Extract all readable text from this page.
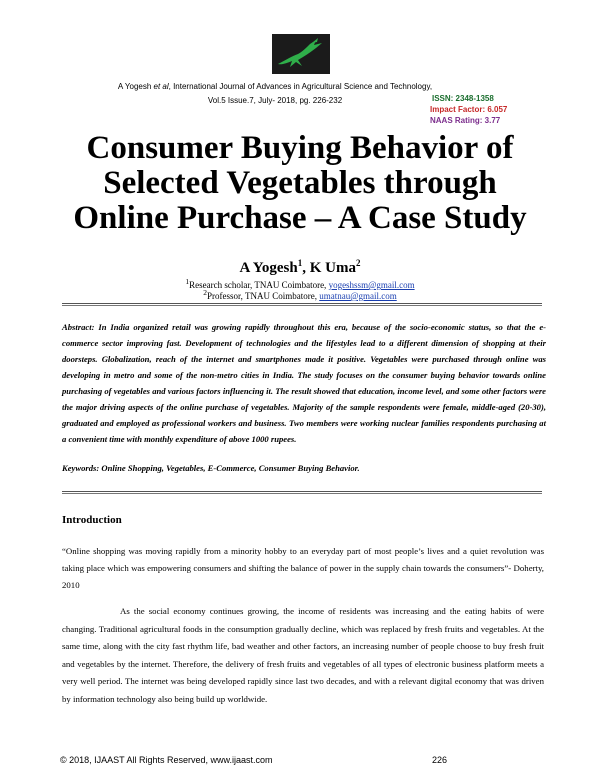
A Yogesh et al, International Journal of Advances in Agricultural Science and Technology,
Vol.5 Issue.7, July- 2018, pg. 226-232	ISSN: 2348-1358
Impact Factor: 6.057
NAAS Rating: 3.77
Consumer Buying Behavior of
Selected Vegetables through
Online Purchase – A Case Study
A Yogesh$^1$, K Uma$^2$
$^1$Research scholar, TNAU Coimbatore, yogeshssm@gmail.com
$^2$Professor, TNAU Coimbatore, umatnau@gmail.com
Abstract: In India organized retail was growing rapidly throughout this era, because of the socio-economic status, so that the e-commerce sector improving fast. Development of technologies and the lifestyles lead to a different dimension of shopping at their doorsteps. Globalization, reach of the internet and smartphones made it positive. Vegetables were purchased through online was developing in metro and some of the non-metro cities in India. The study focuses on the consumer buying behavior towards online purchasing of vegetables and various factors influencing it. The result showed that education, income level, and some other factors were the major driving aspects of the online purchase of vegetables. Majority of the sample respondents were female, middle-aged (20-30), graduated and employed as professional workers and business. Two members were working nuclear families respondents purchasing at a convenient time with monthly expenditure of above 1000 rupees.
Keywords: Online Shopping, Vegetables, E-Commerce, Consumer Buying Behavior.
Introduction
“Online shopping was moving rapidly from a minority hobby to an everyday part of most people’s lives and a quiet revolution was taking place which was empowering consumers and shifting the balance of power in the supply chain towards the consumers”- Doherty, 2010
As the social economy continues growing, the income of residents was increasing and the eating habits of were changing. Traditional agricultural foods in the consumption gradually decline, which was replaced by fresh fruits and vegetables. At the same time, along with the city fast rhythm life, bad weather and other factors, an increasing number of people choose to buy fresh fruit and vegetables by the internet. Therefore, the delivery of fresh fruits and vegetables of all types of electronic business platform meets a very well period. The internet was being developed rapidly since last two decades, and with a relevant digital economy that was driven by information technology also being build up worldwide.
© 2018, IJAAST All Rights Reserved, www.ijaast.com	226
